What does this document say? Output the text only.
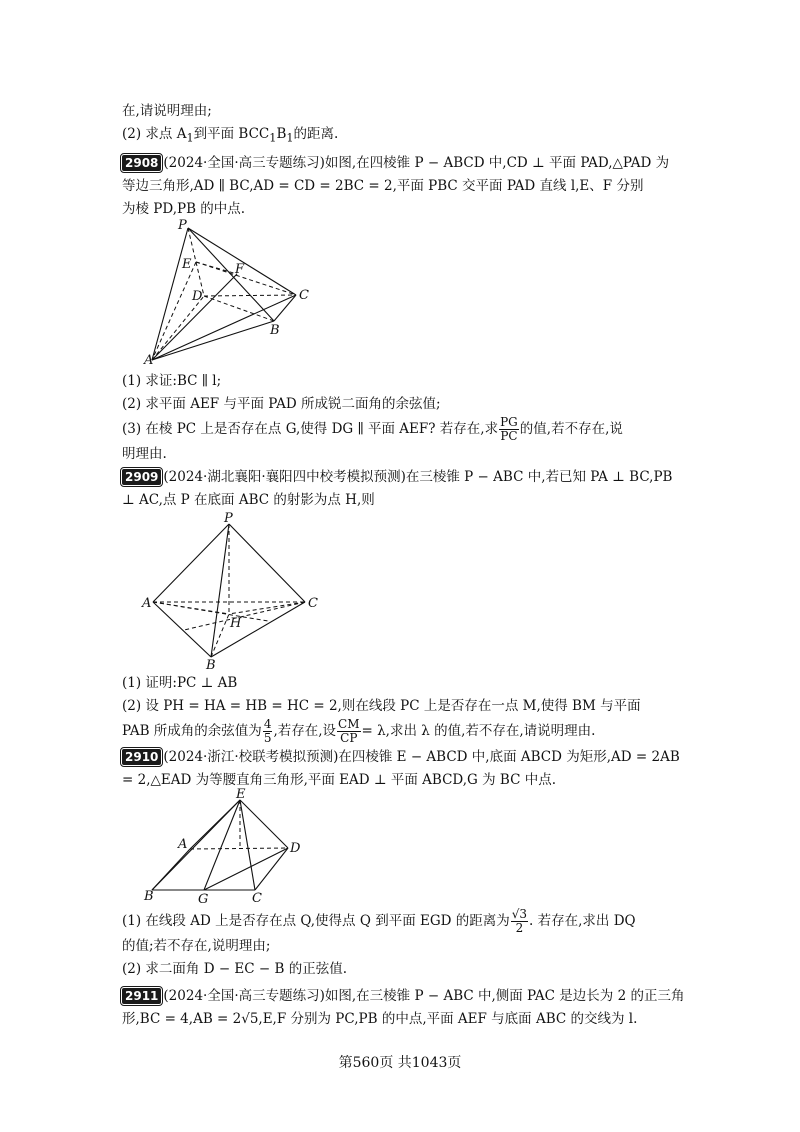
在,请说明理由;
(2) 求点 $A_1$到平面 $BCC_1B_1$的距离.
2908 (2024·全国·高三专题练习)如图,在四棱锥 P − ABCD 中,CD ⊥ 平面 PAD,△PAD 为
等边三角形,AD ∥ BC,AD = CD = 2BC = 2,平面 PBC 交平面 PAD 直线 l,E、F 分别
为棱 PD,PB 的中点.
P
E	F
D	C
B
A
(1) 求证:BC ∥ l;
(2) 求平面 AEF 与平面 PAD 所成锐二面角的余弦值;
(3) 在棱 PC 上是否存在点 G,使得 DG ∥ 平面 AEF? 若存在,求 $\frac{PG}{PC}$ 的值,若不存在,说
明理由.
2909 (2024·湖北襄阳·襄阳四中校考模拟预测)在三棱锥 P − ABC 中,若已知 PA ⊥ BC,PB
⊥ AC,点 P 在底面 ABC 的射影为点 H,则
P
A	C
H
B
(1) 证明:PC ⊥ AB
(2) 设 PH = HA = HB = HC = 2,则在线段 PC 上是否存在一点 M,使得 BM 与平面
PAB 所成角的余弦值为 $\frac{4}{5}$ ,若存在,设 $\frac{CM}{CP} = \lambda$,求出 λ 的值,若不存在,请说明理由.
2910 (2024·浙江·校联考模拟预测)在四棱锥 E − ABCD 中,底面 ABCD 为矩形,AD = 2AB
= 2,△EAD 为等腰直角三角形,平面 EAD ⊥ 平面 ABCD,G 为 BC 中点.
E
A	D
B	G	C
(1) 在线段 AD 上是否存在点 Q,使得点 Q 到平面 EGD 的距离为 $\frac{√3}{2}$ . 若存在,求出 DQ
的值;若不存在,说明理由;
(2) 求二面角 D − EC − B 的正弦值.
2911 (2024·全国·高三专题练习)如图,在三棱锥 P − ABC 中,侧面 PAC 是边长为 2 的正三角
形,BC = 4,AB = 2√5,E,F 分别为 PC,PB 的中点,平面 AEF 与底面 ABC 的交线为 l.
第560页 共1043页
